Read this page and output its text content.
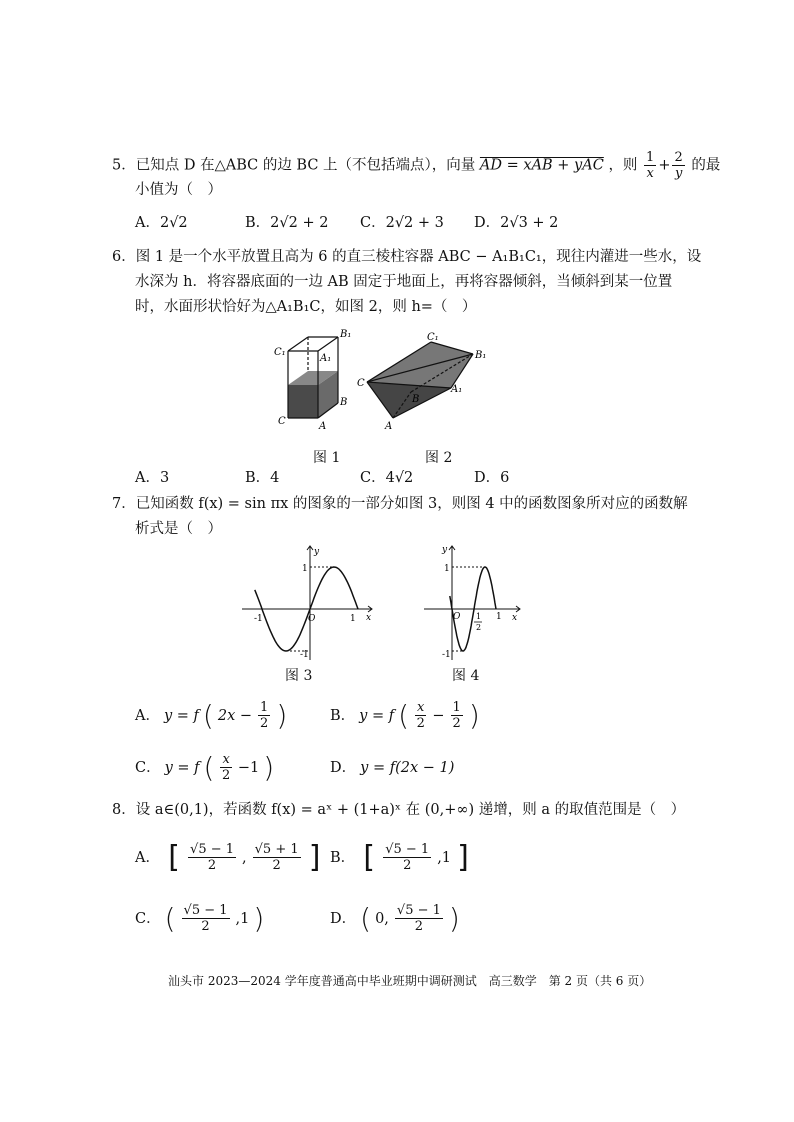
5．已知点 D 在△ABC 的边 BC 上（不包括端点），向量 AD = xAB + yAC ，则 $\frac{1}{x} + \frac{2}{y}$ 的最
小值为（　）
A．2√2	B．2√2 + 2 C．2√2 + 3 D．2√3 + 2
6．图 1 是一个水平放置且高为 6 的直三棱柱容器 ABC − A₁B₁C₁，现往内灌进一些水，设
水深为 h．将容器底面的一边 AB 固定于地面上，再将容器倾斜，当倾斜到某一位置
时，水面形状恰好为△A₁B₁C，如图 2，则 h=（　）
B₁
C₁
A₁
B
C	A
C₁
B₁
C
A₁
B
A
图 1	图 2
A．3	B．4	C．4√2	D．6
7．已知函数 f(x) = sin πx 的图象的一部分如图 3，则图 4 中的函数图象所对应的函数解
析式是（　）
y
x
1
-1	O	1
-1
y
x
1
O 1
2
1
-1
图 3	图 4
A． y = f ( $2x - \frac{1}{2}$ )	B． y = f ( $\frac{x}{2} - \frac{1}{2}$ )
C． y = f ( $\frac{x}{2} -1$ )	D． y = f(2x − 1)
8．设 a∈(0,1)，若函数 f(x) = aˣ + (1+a)ˣ 在 (0,+∞) 递增，则 a 的取值范围是（　）
A． [ $\frac{√5 - 1}{2}$ , $\frac{√5 + 1}{2}$ ] B． [ $\frac{√5 - 1}{2} ,1$ ]
C． ( $\frac{√5 - 1}{2} ,1$ )	D． ( 0, $\frac{√5 - 1}{2}$ )
汕头市 2023—2024 学年度普通高中毕业班期中调研测试　高三数学　第 2 页（共 6 页）
